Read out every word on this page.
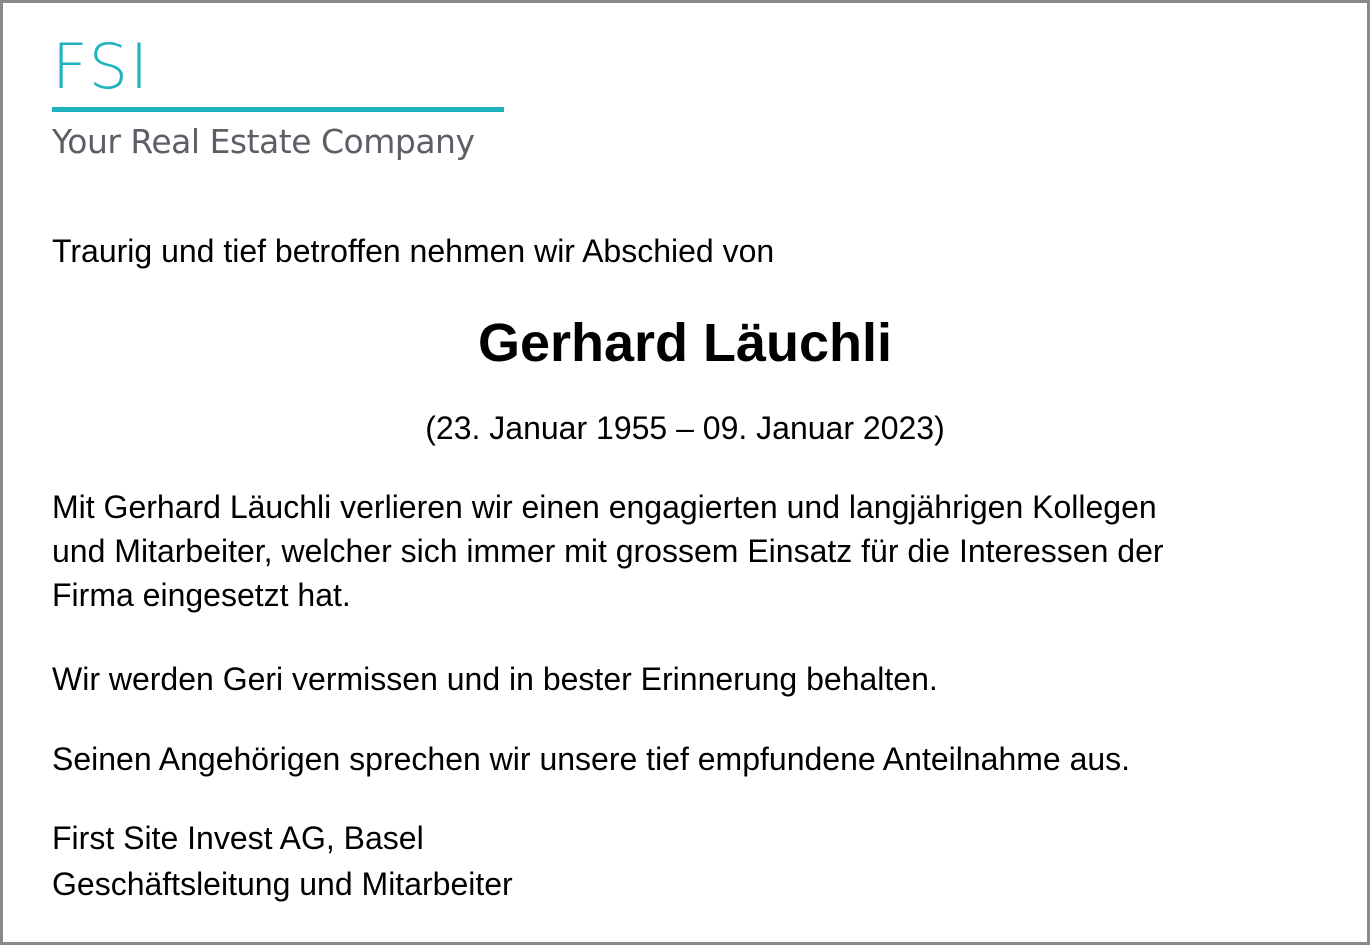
FSI
Your Real Estate Company

Traurig und tief betroffen nehmen wir Abschied von

Gerhard Läuchli

(23. Januar 1955 – 09. Januar 2023)

Mit Gerhard Läuchli verlieren wir einen engagierten und langjährigen Kollegen
und Mitarbeiter, welcher sich immer mit grossem Einsatz für die Interessen der
Firma eingesetzt hat.

Wir werden Geri vermissen und in bester Erinnerung behalten.

Seinen Angehörigen sprechen wir unsere tief empfundene Anteilnahme aus.

First Site Invest AG, Basel

Geschäftsleitung und Mitarbeiter
